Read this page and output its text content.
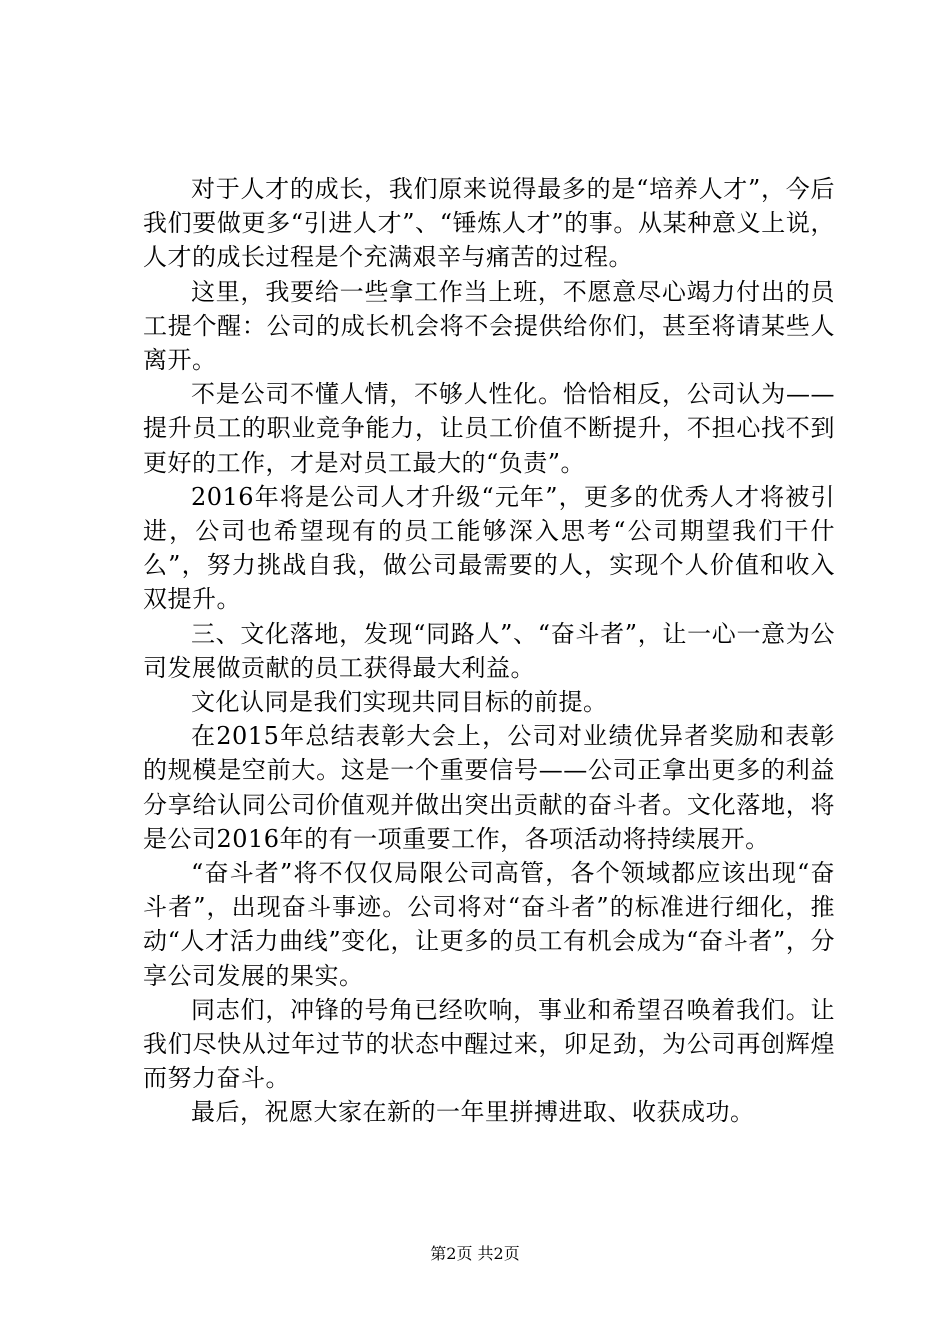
对于人才的成长，我们原来说得最多的是“培养人才”，今后我们要做更多“引进人才”、“锤炼人才”的事。从某种意义上说，人才的成长过程是个充满艰辛与痛苦的过程。

这里，我要给一些拿工作当上班，不愿意尽心竭力付出的员工提个醒：公司的成长机会将不会提供给你们，甚至将请某些人离开。

不是公司不懂人情，不够人性化。恰恰相反，公司认为——提升员工的职业竞争能力，让员工价值不断提升，不担心找不到更好的工作，才是对员工最大的“负责”。

2016年将是公司人才升级“元年”，更多的优秀人才将被引进，公司也希望现有的员工能够深入思考“公司期望我们干什么”，努力挑战自我，做公司最需要的人，实现个人价值和收入双提升。

三、文化落地，发现“同路人”、“奋斗者”，让一心一意为公司发展做贡献的员工获得最大利益。

文化认同是我们实现共同目标的前提。

在2015年总结表彰大会上，公司对业绩优异者奖励和表彰的规模是空前大。这是一个重要信号——公司正拿出更多的利益分享给认同公司价值观并做出突出贡献的奋斗者。文化落地，将是公司2016年的有一项重要工作，各项活动将持续展开。

“奋斗者”将不仅仅局限公司高管，各个领域都应该出现“奋斗者”，出现奋斗事迹。公司将对“奋斗者”的标准进行细化，推动“人才活力曲线”变化，让更多的员工有机会成为“奋斗者”，分享公司发展的果实。

同志们，冲锋的号角已经吹响，事业和希望召唤着我们。让我们尽快从过年过节的状态中醒过来，卯足劲，为公司再创辉煌而努力奋斗。

最后，祝愿大家在新的一年里拼搏进取、收获成功。

第2页 共2页
